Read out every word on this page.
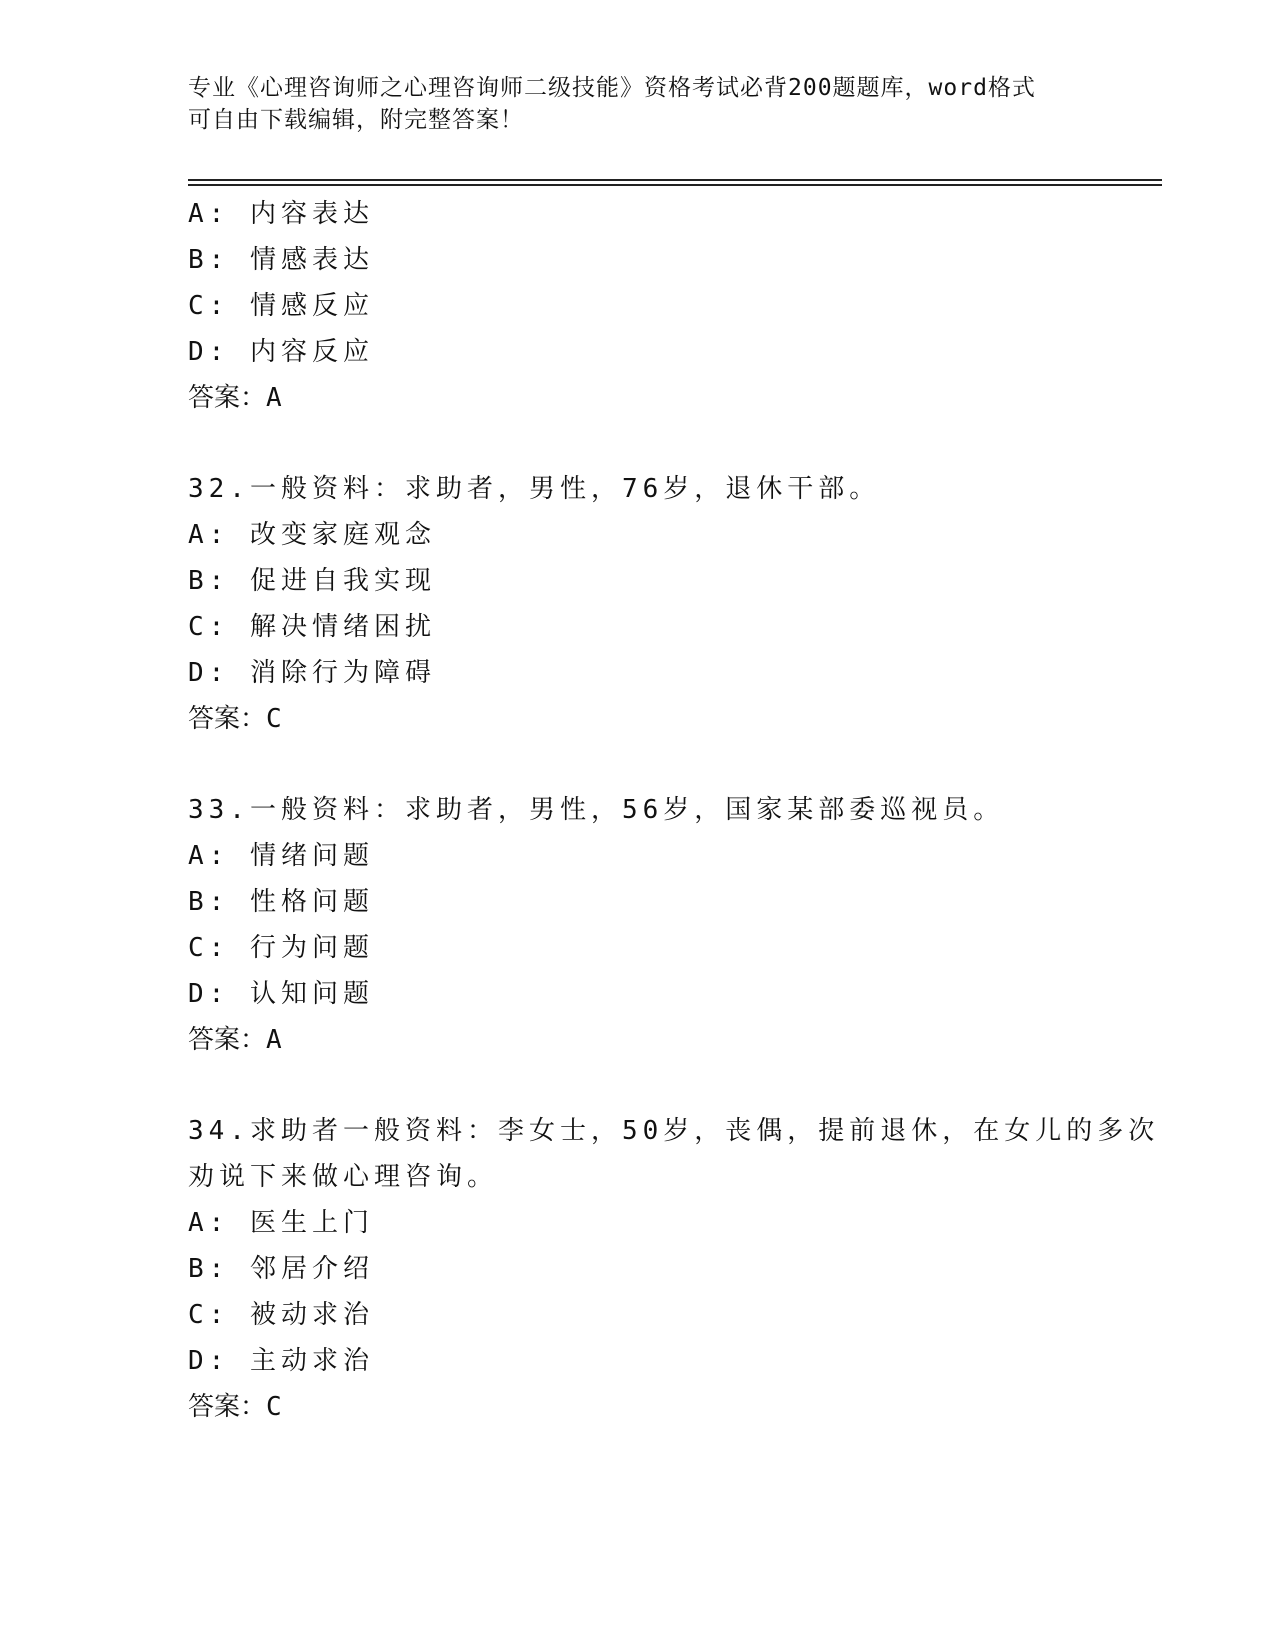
专业《心理咨询师之心理咨询师二级技能》资格考试必背200题题库，word格式
可自由下载编辑，附完整答案！
A: 内容表达
B: 情感表达
C: 情感反应
D: 内容反应
答案：A
32.一般资料：求助者，男性，76岁，退休干部。
A: 改变家庭观念
B: 促进自我实现
C: 解决情绪困扰
D: 消除行为障碍
答案：C
33.一般资料：求助者，男性，56岁，国家某部委巡视员。
A: 情绪问题
B: 性格问题
C: 行为问题
D: 认知问题
答案：A
34.求助者一般资料：李女士，50岁，丧偶，提前退休，在女儿的多次
劝说下来做心理咨询。
A: 医生上门
B: 邻居介绍
C: 被动求治
D: 主动求治
答案：C
